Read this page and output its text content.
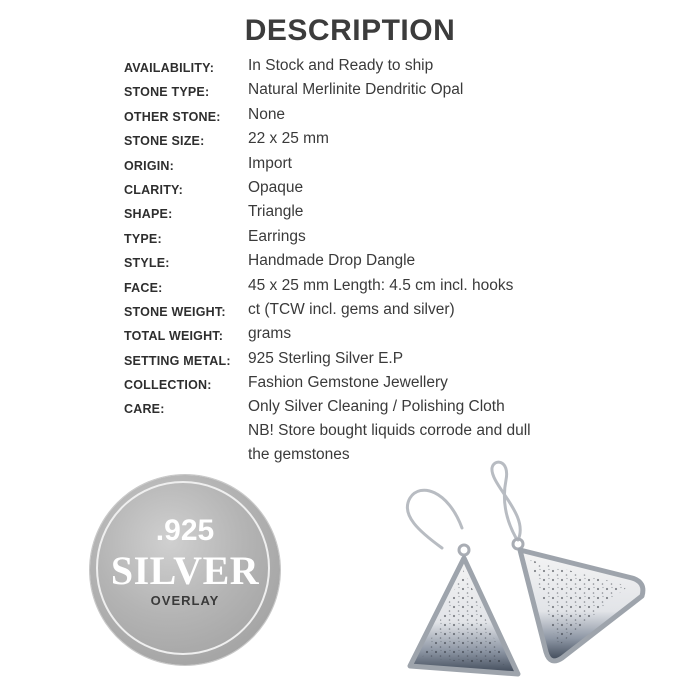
DESCRIPTION
AVAILABILITY:	In Stock and Ready to ship
STONE TYPE:	Natural Merlinite Dendritic Opal
OTHER STONE:	None
STONE SIZE:	22 x 25 mm
ORIGIN:	Import
CLARITY:	Opaque
SHAPE:	Triangle
TYPE:	Earrings
STYLE:	Handmade Drop Dangle
FACE:	45 x 25 mm Length: 4.5 cm incl. hooks
STONE WEIGHT:	ct (TCW incl. gems and silver)
TOTAL WEIGHT:	grams
SETTING METAL:	925 Sterling Silver E.P
COLLECTION:	Fashion Gemstone Jewellery
CARE:	Only Silver Cleaning / Polishing Cloth
NB! Store bought liquids corrode and dull
the gemstones
.925
SILVER
OVERLAY
